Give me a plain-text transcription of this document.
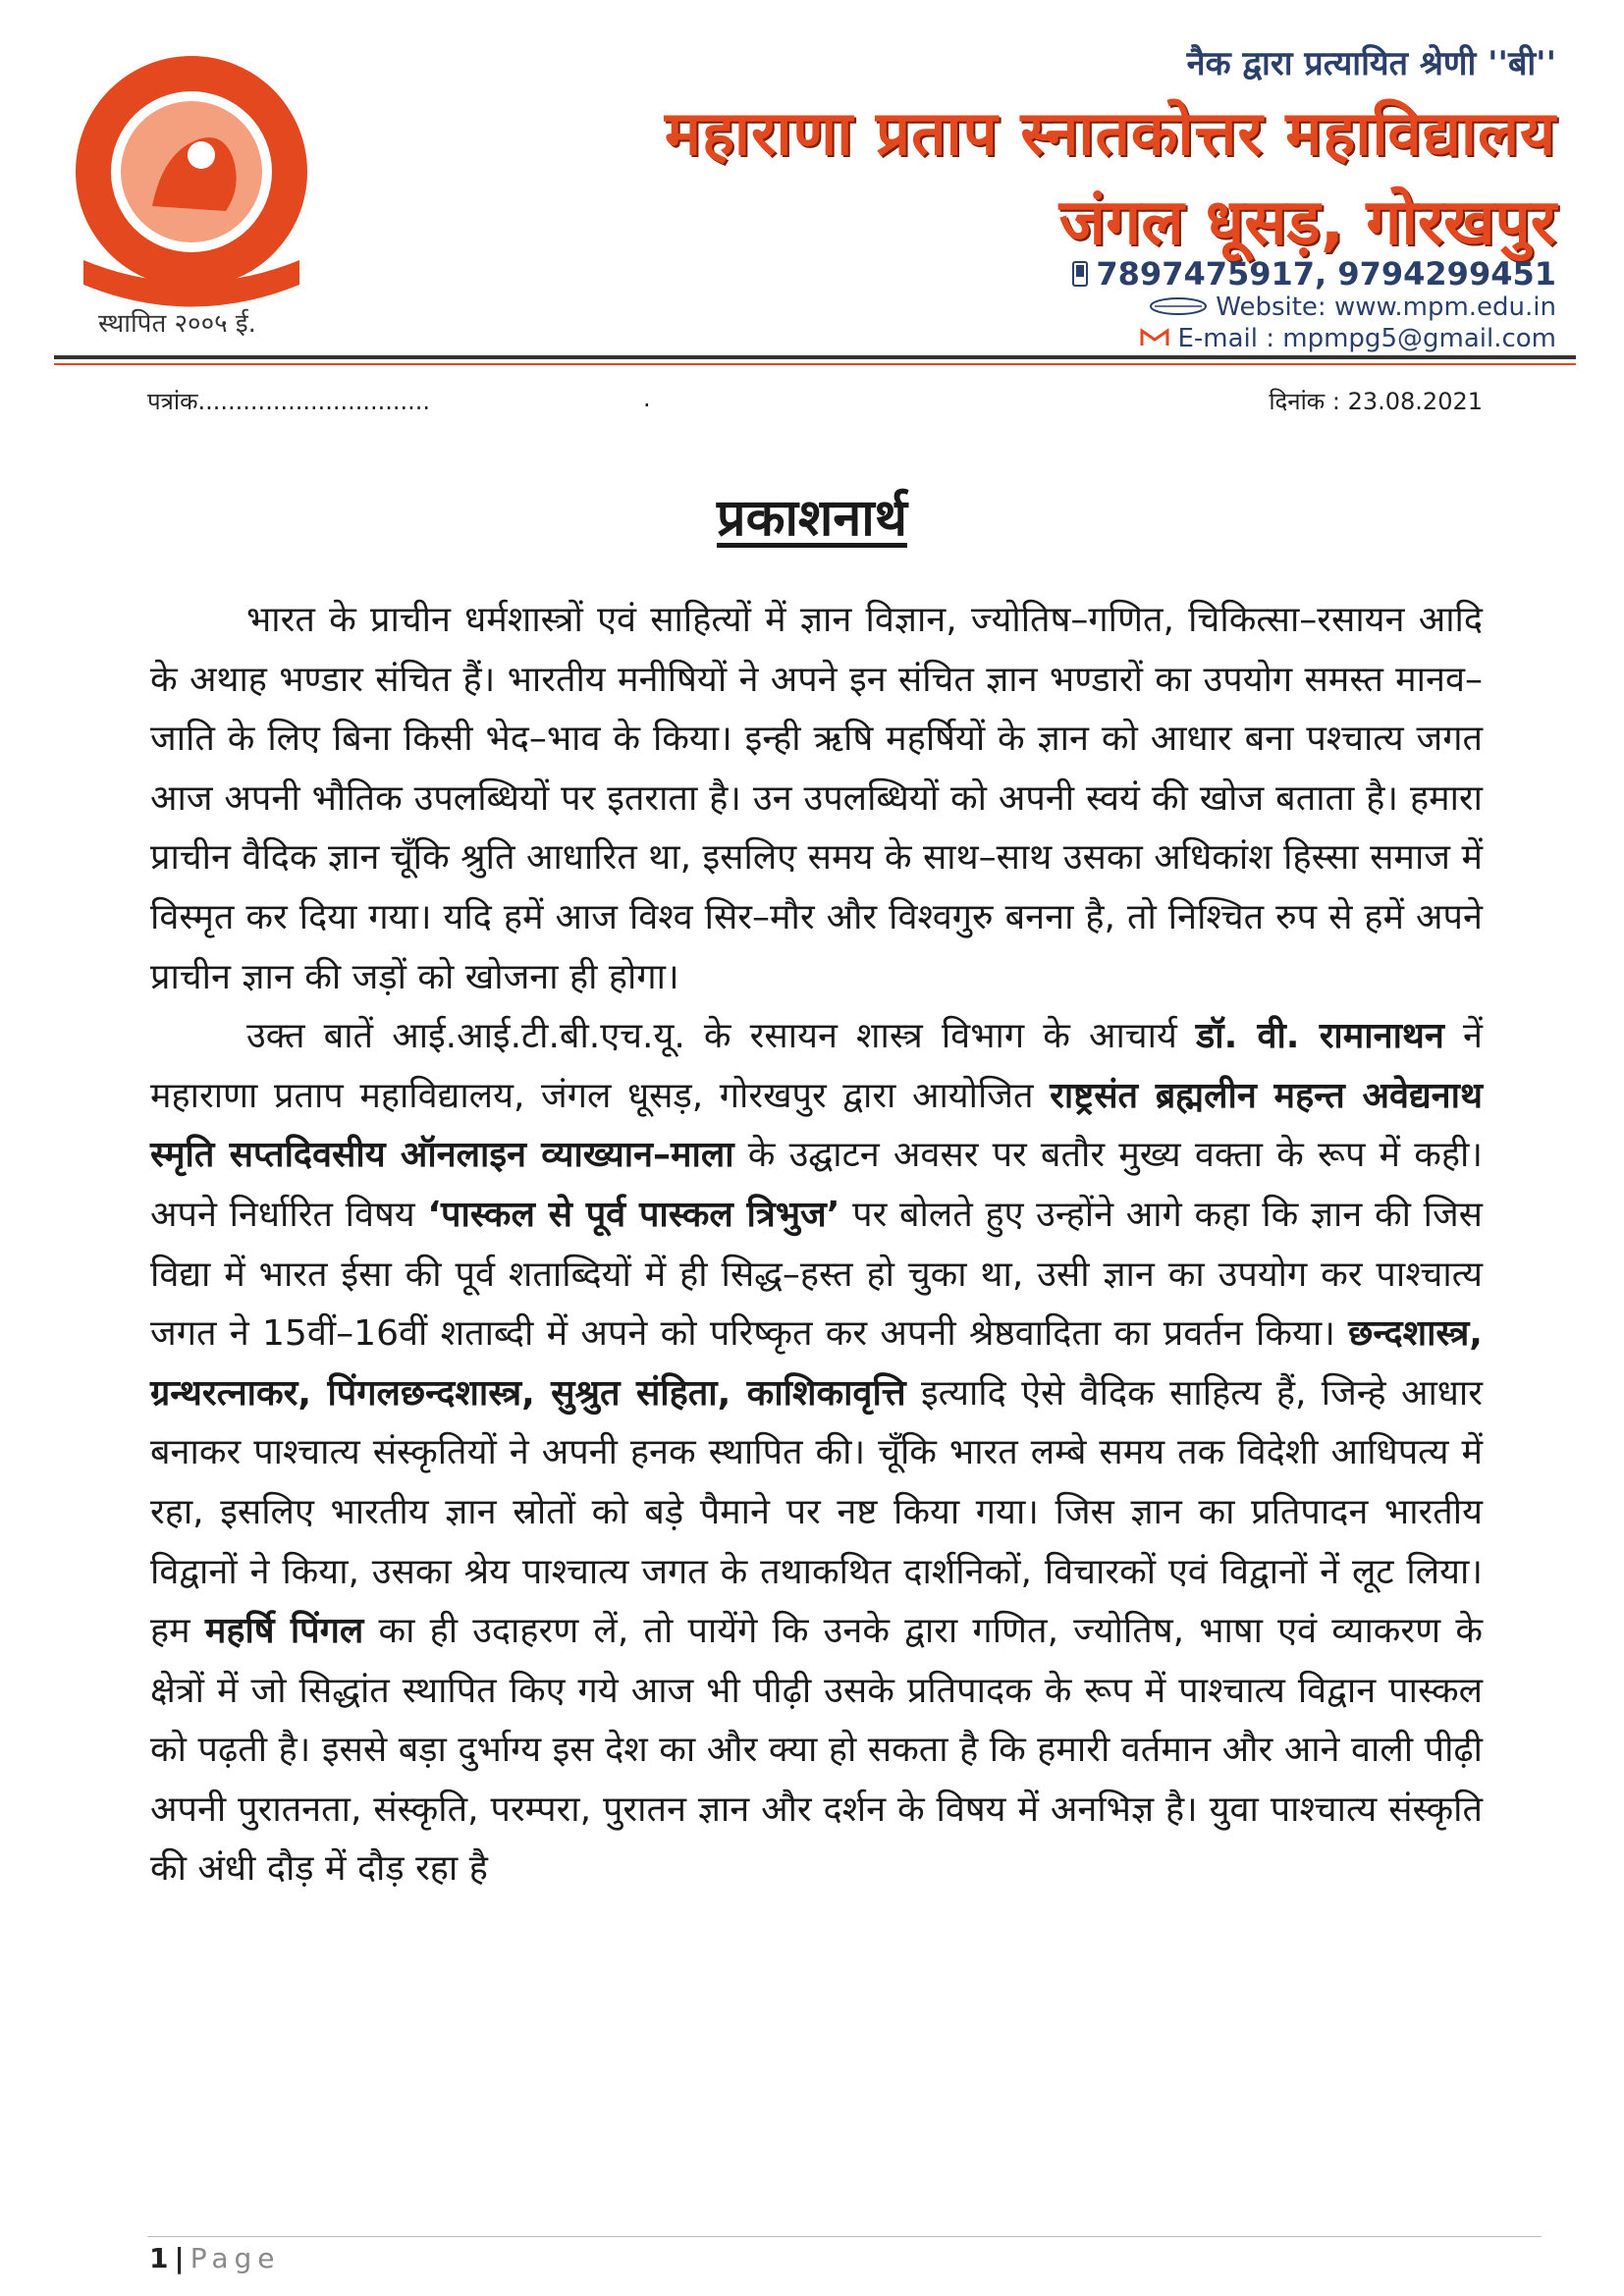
स्थापित २००५ ई.
नैक द्वारा प्रत्यायित श्रेणी ''बी''
महाराणा प्रताप स्नातकोत्तर महाविद्यालय
जंगल धूसड़, गोरखपुर
7897475917, 9794299451
Website: www.mpm.edu.in
E-mail : mpmpg5@gmail.com
पत्रांक...............................	.	दिनांक : 23.08.2021
प्रकाशनार्थ

भारत के प्राचीन धर्मशास्त्रों एवं साहित्यों में ज्ञान विज्ञान, ज्योतिष–गणित, चिकित्सा–रसायन आदि के अथाह भण्डार संचित हैं। भारतीय मनीषियों ने अपने इन संचित ज्ञान भण्डारों का उपयोग समस्त मानव–जाति के लिए बिना किसी भेद–भाव के किया। इन्ही ऋषि महर्षियों के ज्ञान को आधार बना पश्चात्य जगत आज अपनी भौतिक उपलब्धियों पर इतराता है। उन उपलब्धियों को अपनी स्वयं की खोज बताता है। हमारा प्राचीन वैदिक ज्ञान चूँकि श्रुति आधारित था, इसलिए समय के साथ–साथ उसका अधिकांश हिस्सा समाज में विस्मृत कर दिया गया। यदि हमें आज विश्व सिर–मौर और विश्वगुरु बनना है, तो निश्चित रुप से हमें अपने प्राचीन ज्ञान की जड़ों को खोजना ही होगा।

उक्त बातें आई.आई.टी.बी.एच.यू. के रसायन शास्त्र विभाग के आचार्य डॉ. वी. रामानाथन नें महाराणा प्रताप महाविद्यालय, जंगल धूसड़, गोरखपुर द्वारा आयोजित राष्ट्रसंत ब्रह्मलीन महन्त अवेद्यनाथ स्मृति सप्तदिवसीय ऑनलाइन व्याख्यान–माला के उद्घाटन अवसर पर बतौर मुख्य वक्ता के रूप में कही। अपने निर्धारित विषय ‘पास्कल से पूर्व पास्कल त्रिभुज’ पर बोलते हुए उन्होंने आगे कहा कि ज्ञान की जिस विद्या में भारत ईसा की पूर्व शताब्दियों में ही सिद्ध–हस्त हो चुका था, उसी ज्ञान का उपयोग कर पाश्चात्य जगत ने 15वीं–16वीं शताब्दी में अपने को परिष्कृत कर अपनी श्रेष्ठवादिता का प्रवर्तन किया। छन्दशास्त्र, ग्रन्थरत्नाकर, पिंगलछन्दशास्त्र, सुश्रुत संहिता, काशिकावृत्ति इत्यादि ऐसे वैदिक साहित्य हैं, जिन्हे आधार बनाकर पाश्चात्य संस्कृतियों ने अपनी हनक स्थापित की। चूँकि भारत लम्बे समय तक विदेशी आधिपत्य में रहा, इसलिए भारतीय ज्ञान स्रोतों को बड़े पैमाने पर नष्ट किया गया। जिस ज्ञान का प्रतिपादन भारतीय विद्वानों ने किया, उसका श्रेय पाश्चात्य जगत के तथाकथित दार्शनिकों, विचारकों एवं विद्वानों नें लूट लिया। हम महर्षि पिंगल का ही उदाहरण लें, तो पायेंगे कि उनके द्वारा गणित, ज्योतिष, भाषा एवं व्याकरण के क्षेत्रों में जो सिद्धांत स्थापित किए गये आज भी पीढ़ी उसके प्रतिपादक के रूप में पाश्चात्य विद्वान पास्कल को पढ़ती है। इससे बड़ा दुर्भाग्य इस देश का और क्या हो सकता है कि हमारी वर्तमान और आने वाली पीढ़ी अपनी पुरातनता, संस्कृति, परम्परा, पुरातन ज्ञान और दर्शन के विषय में अनभिज्ञ है। युवा पाश्चात्य संस्कृति की अंधी दौड़ में दौड़ रहा है

1 | Page
